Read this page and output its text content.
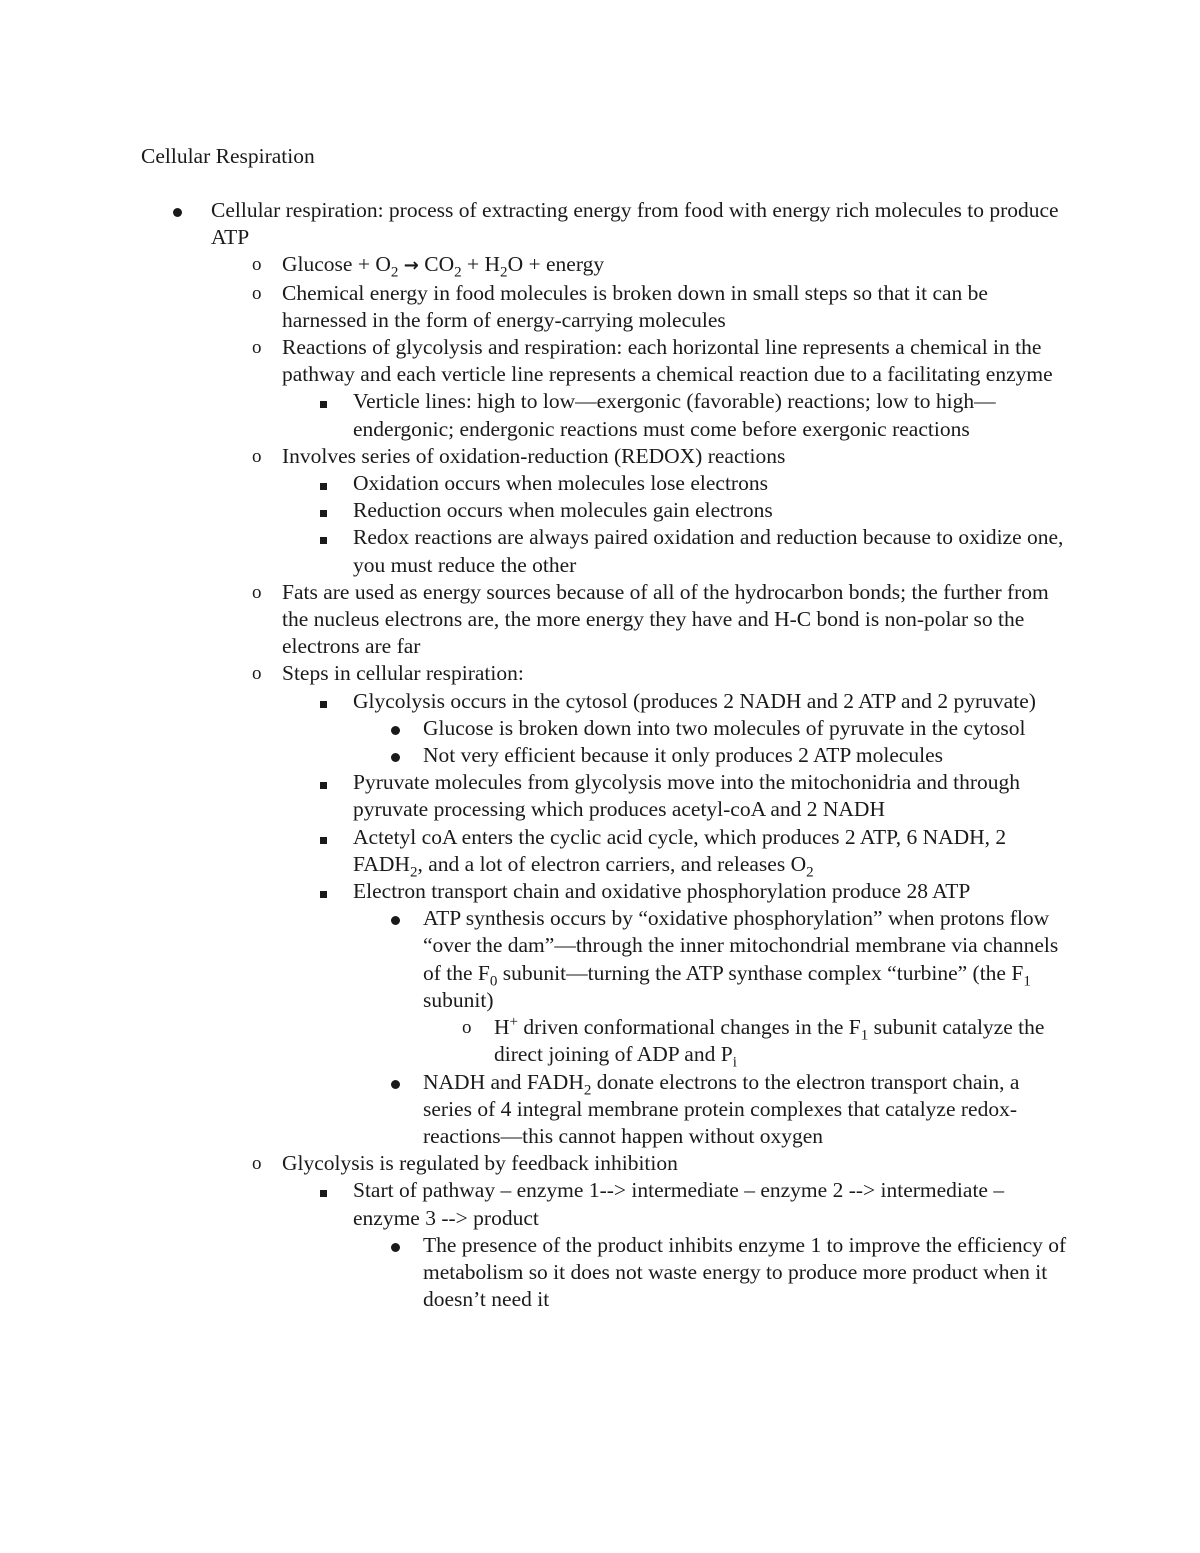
Cellular Respiration
Cellular respiration: process of extracting energy from food with energy rich molecules to produce ATP
o $Glucose + O_2 \to CO_2 + H_2O$ + energy
o Chemical energy in food molecules is broken down in small steps so that it can be harnessed in the form of energy-carrying molecules
o Reactions of glycolysis and respiration: each horizontal line represents a chemical in the pathway and each verticle line represents a chemical reaction due to a facilitating enzyme
Verticle lines: high to low—exergonic (favorable) reactions; low to high—endergonic; endergonic reactions must come before exergonic reactions
o Involves series of oxidation-reduction (REDOX) reactions
Oxidation occurs when molecules lose electrons
Reduction occurs when molecules gain electrons
Redox reactions are always paired oxidation and reduction because to oxidize one, you must reduce the other
o Fats are used as energy sources because of all of the hydrocarbon bonds; the further from the nucleus electrons are, the more energy they have and H-C bond is non-polar so the electrons are far
o Steps in cellular respiration:
Glycolysis occurs in the cytosol (produces 2 NADH and 2 ATP and 2 pyruvate)
Glucose is broken down into two molecules of pyruvate in the cytosol
Not very efficient because it only produces 2 ATP molecules
Pyruvate molecules from glycolysis move into the mitochonidria and through pyruvate processing which produces acetyl-coA and 2 NADH
Actetyl coA enters the cyclic acid cycle, which produces 2 ATP, 6 NADH, 2 $FADH_2$, and a lot of electron carriers, and releases $O_2$
Electron transport chain and oxidative phosphorylation produce 28 ATP
ATP synthesis occurs by “oxidative phosphorylation” when protons flow “over the dam”—through the inner mitochondrial membrane via channels of the $F_0$ subunit—turning the ATP synthase complex “turbine” (the $F_1$ subunit)
o	H+ driven conformational changes in the $F_1$ subunit catalyze the direct joining of ADP and $P_i$
NADH and $FADH_2$ donate electrons to the electron transport chain, a series of 4 integral membrane protein complexes that catalyze redox-reactions—this cannot happen without oxygen
o Glycolysis is regulated by feedback inhibition
Start of pathway – enzyme 1--> intermediate – enzyme 2 --> intermediate – enzyme 3 --> product
The presence of the product inhibits enzyme 1 to improve the efficiency of metabolism so it does not waste energy to produce more product when it doesn’t need it
